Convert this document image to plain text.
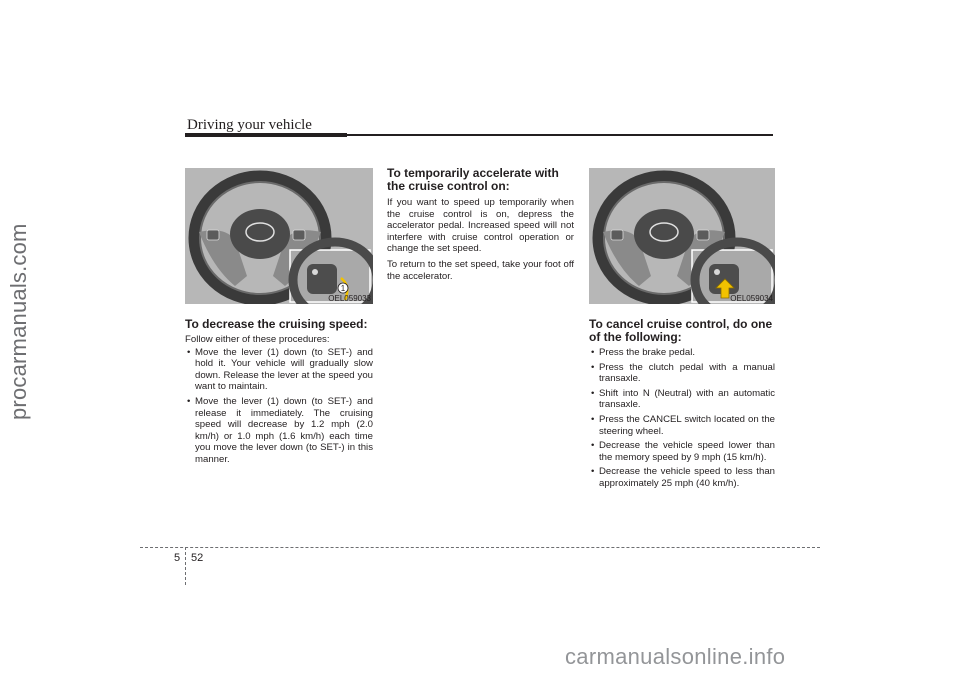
procarmanuals.com
Driving your vehicle
1
OEL059033	OEL059034
To decrease the cruising speed:

Follow either of these procedures:

• Move the lever (1) down (to SET-) and hold it. Your vehicle will gradually slow down. Release the lever at the speed you want to maintain.
• Move the lever (1) down (to SET-) and release it immediately. The cruising speed will decrease by 1.2 mph (2.0 km/h) or 1.0 mph (1.6 km/h) each time you move the lever down (to SET-) in this manner.
To temporarily accelerate with the cruise control on:

If you want to speed up temporarily when the cruise control is on, depress the accelerator pedal. Increased speed will not interfere with cruise control operation or change the set speed.

To return to the set speed, take your foot off the accelerator.

To cancel cruise control, do one of the following:
• Press the brake pedal.
• Press the clutch pedal with a manual transaxle.
• Shift into N (Neutral) with an automatic transaxle.
• Press the CANCEL switch located on the steering wheel.
• Decrease the vehicle speed lower than the memory speed by 9 mph (15 km/h).
• Decrease the vehicle speed to less than approximately 25 mph (40 km/h).
5 52
carmanualsonline.info
